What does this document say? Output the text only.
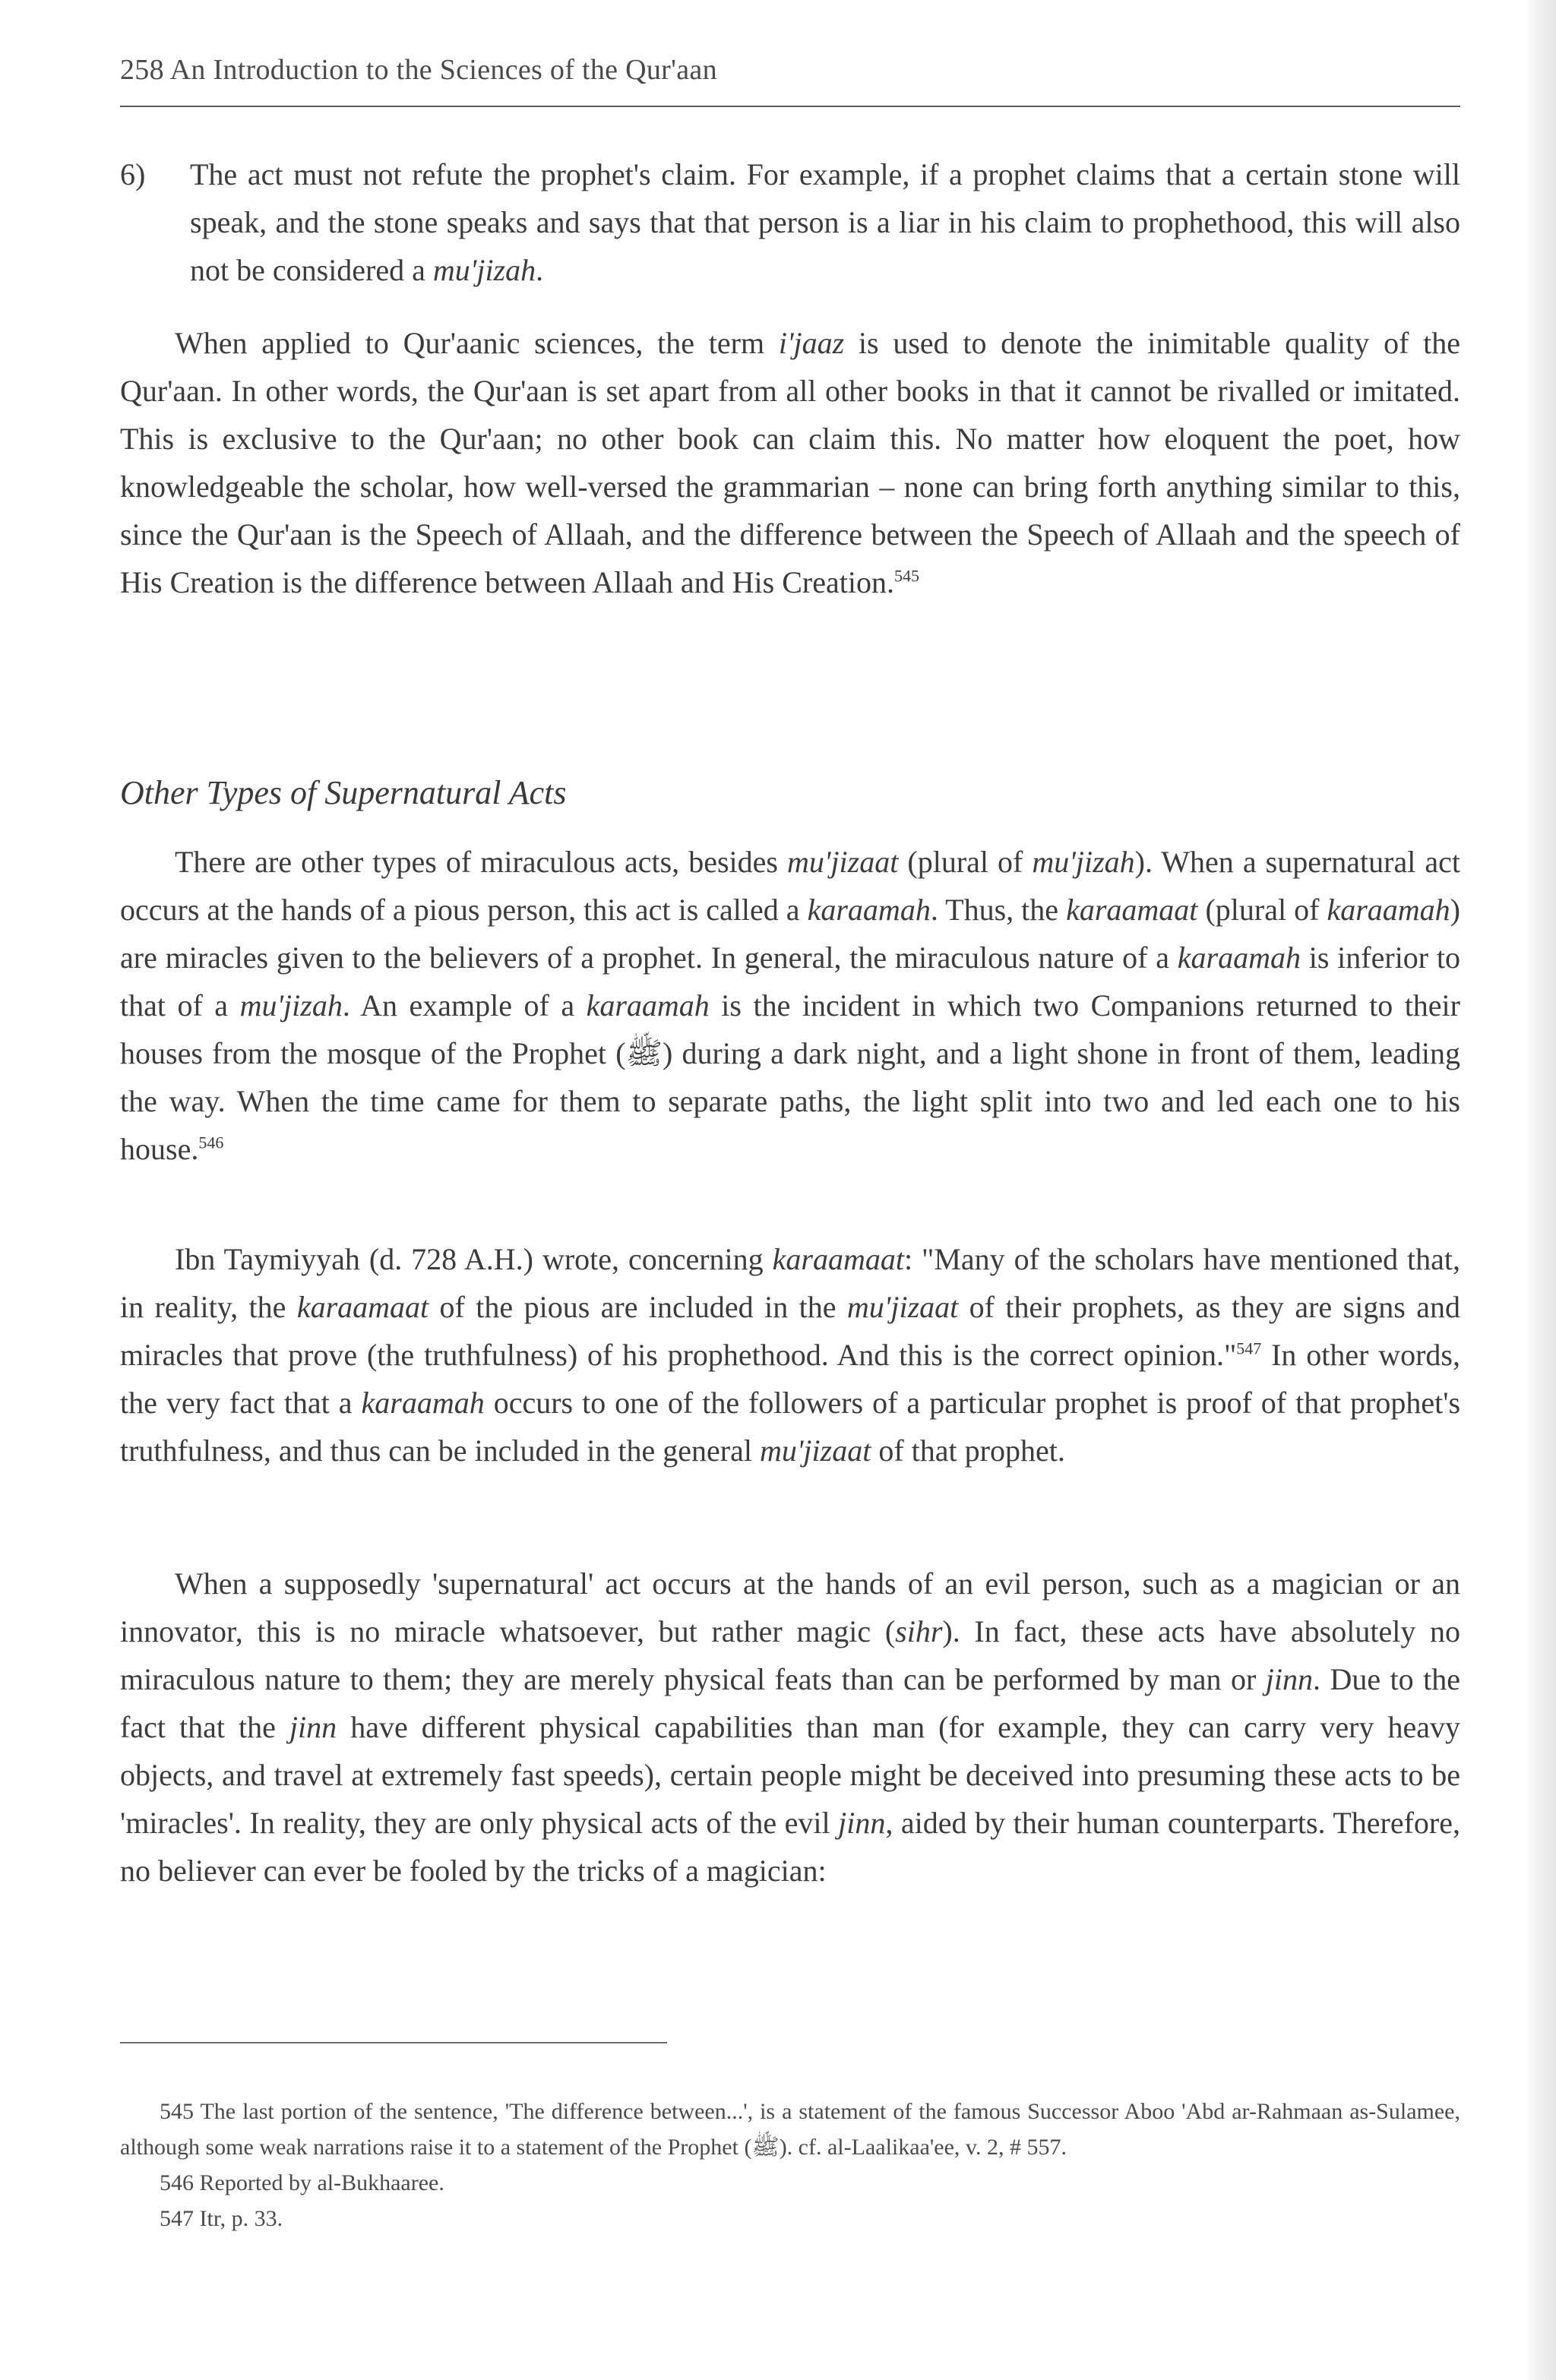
258 An Introduction to the Sciences of the Qur'aan
6) The act must not refute the prophet's claim. For example, if a prophet claims that a certain stone will speak, and the stone speaks and says that that person is a liar in his claim to prophethood, this will also not be considered a mu'jizah.
When applied to Qur'aanic sciences, the term i'jaaz is used to denote the inimitable quality of the Qur'aan. In other words, the Qur'aan is set apart from all other books in that it cannot be rivalled or imitated. This is exclusive to the Qur'aan; no other book can claim this. No matter how eloquent the poet, how knowledgeable the scholar, how well-versed the grammarian – none can bring forth anything similar to this, since the Qur'aan is the Speech of Allaah, and the difference between the Speech of Allaah and the speech of His Creation is the difference between Allaah and His Creation.$^{545}$
Other Types of Supernatural Acts
There are other types of miraculous acts, besides mu'jizaat (plural of mu'jizah). When a supernatural act occurs at the hands of a pious person, this act is called a karaamah. Thus, the karaamaat (plural of karaamah) are miracles given to the believers of a prophet. In general, the miraculous nature of a karaamah is inferior to that of a mu'jizah. An example of a karaamah is the incident in which two Companions returned to their houses from the mosque of the Prophet (ﷺ) during a dark night, and a light shone in front of them, leading the way. When the time came for them to separate paths, the light split into two and led each one to his house.$^{546}$
Ibn Taymiyyah (d. 728 A.H.) wrote, concerning karaamaat: "Many of the scholars have mentioned that, in reality, the karaamaat of the pious are included in the mu'jizaat of their prophets, as they are signs and miracles that prove (the truthfulness) of his prophethood. And this is the correct opinion."$^{547}$ In other words, the very fact that a karaamah occurs to one of the followers of a particular prophet is proof of that prophet's truthfulness, and thus can be included in the general mu'jizaat of that prophet.
When a supposedly 'supernatural' act occurs at the hands of an evil person, such as a magician or an innovator, this is no miracle whatsoever, but rather magic (sihr). In fact, these acts have absolutely no miraculous nature to them; they are merely physical feats than can be performed by man or jinn. Due to the fact that the jinn have different physical capabilities than man (for example, they can carry very heavy objects, and travel at extremely fast speeds), certain people might be deceived into presuming these acts to be 'miracles'. In reality, they are only physical acts of the evil jinn, aided by their human counterparts. Therefore, no believer can ever be fooled by the tricks of a magician:
545 The last portion of the sentence, 'The difference between...', is a statement of the famous Successor Aboo 'Abd ar-Rahmaan as-Sulamee, although some weak narrations raise it to a statement of the Prophet (ﷺ). cf. al-Laalikaa'ee, v. 2, # 557.
546 Reported by al-Bukhaaree.
547 Itr, p. 33.
